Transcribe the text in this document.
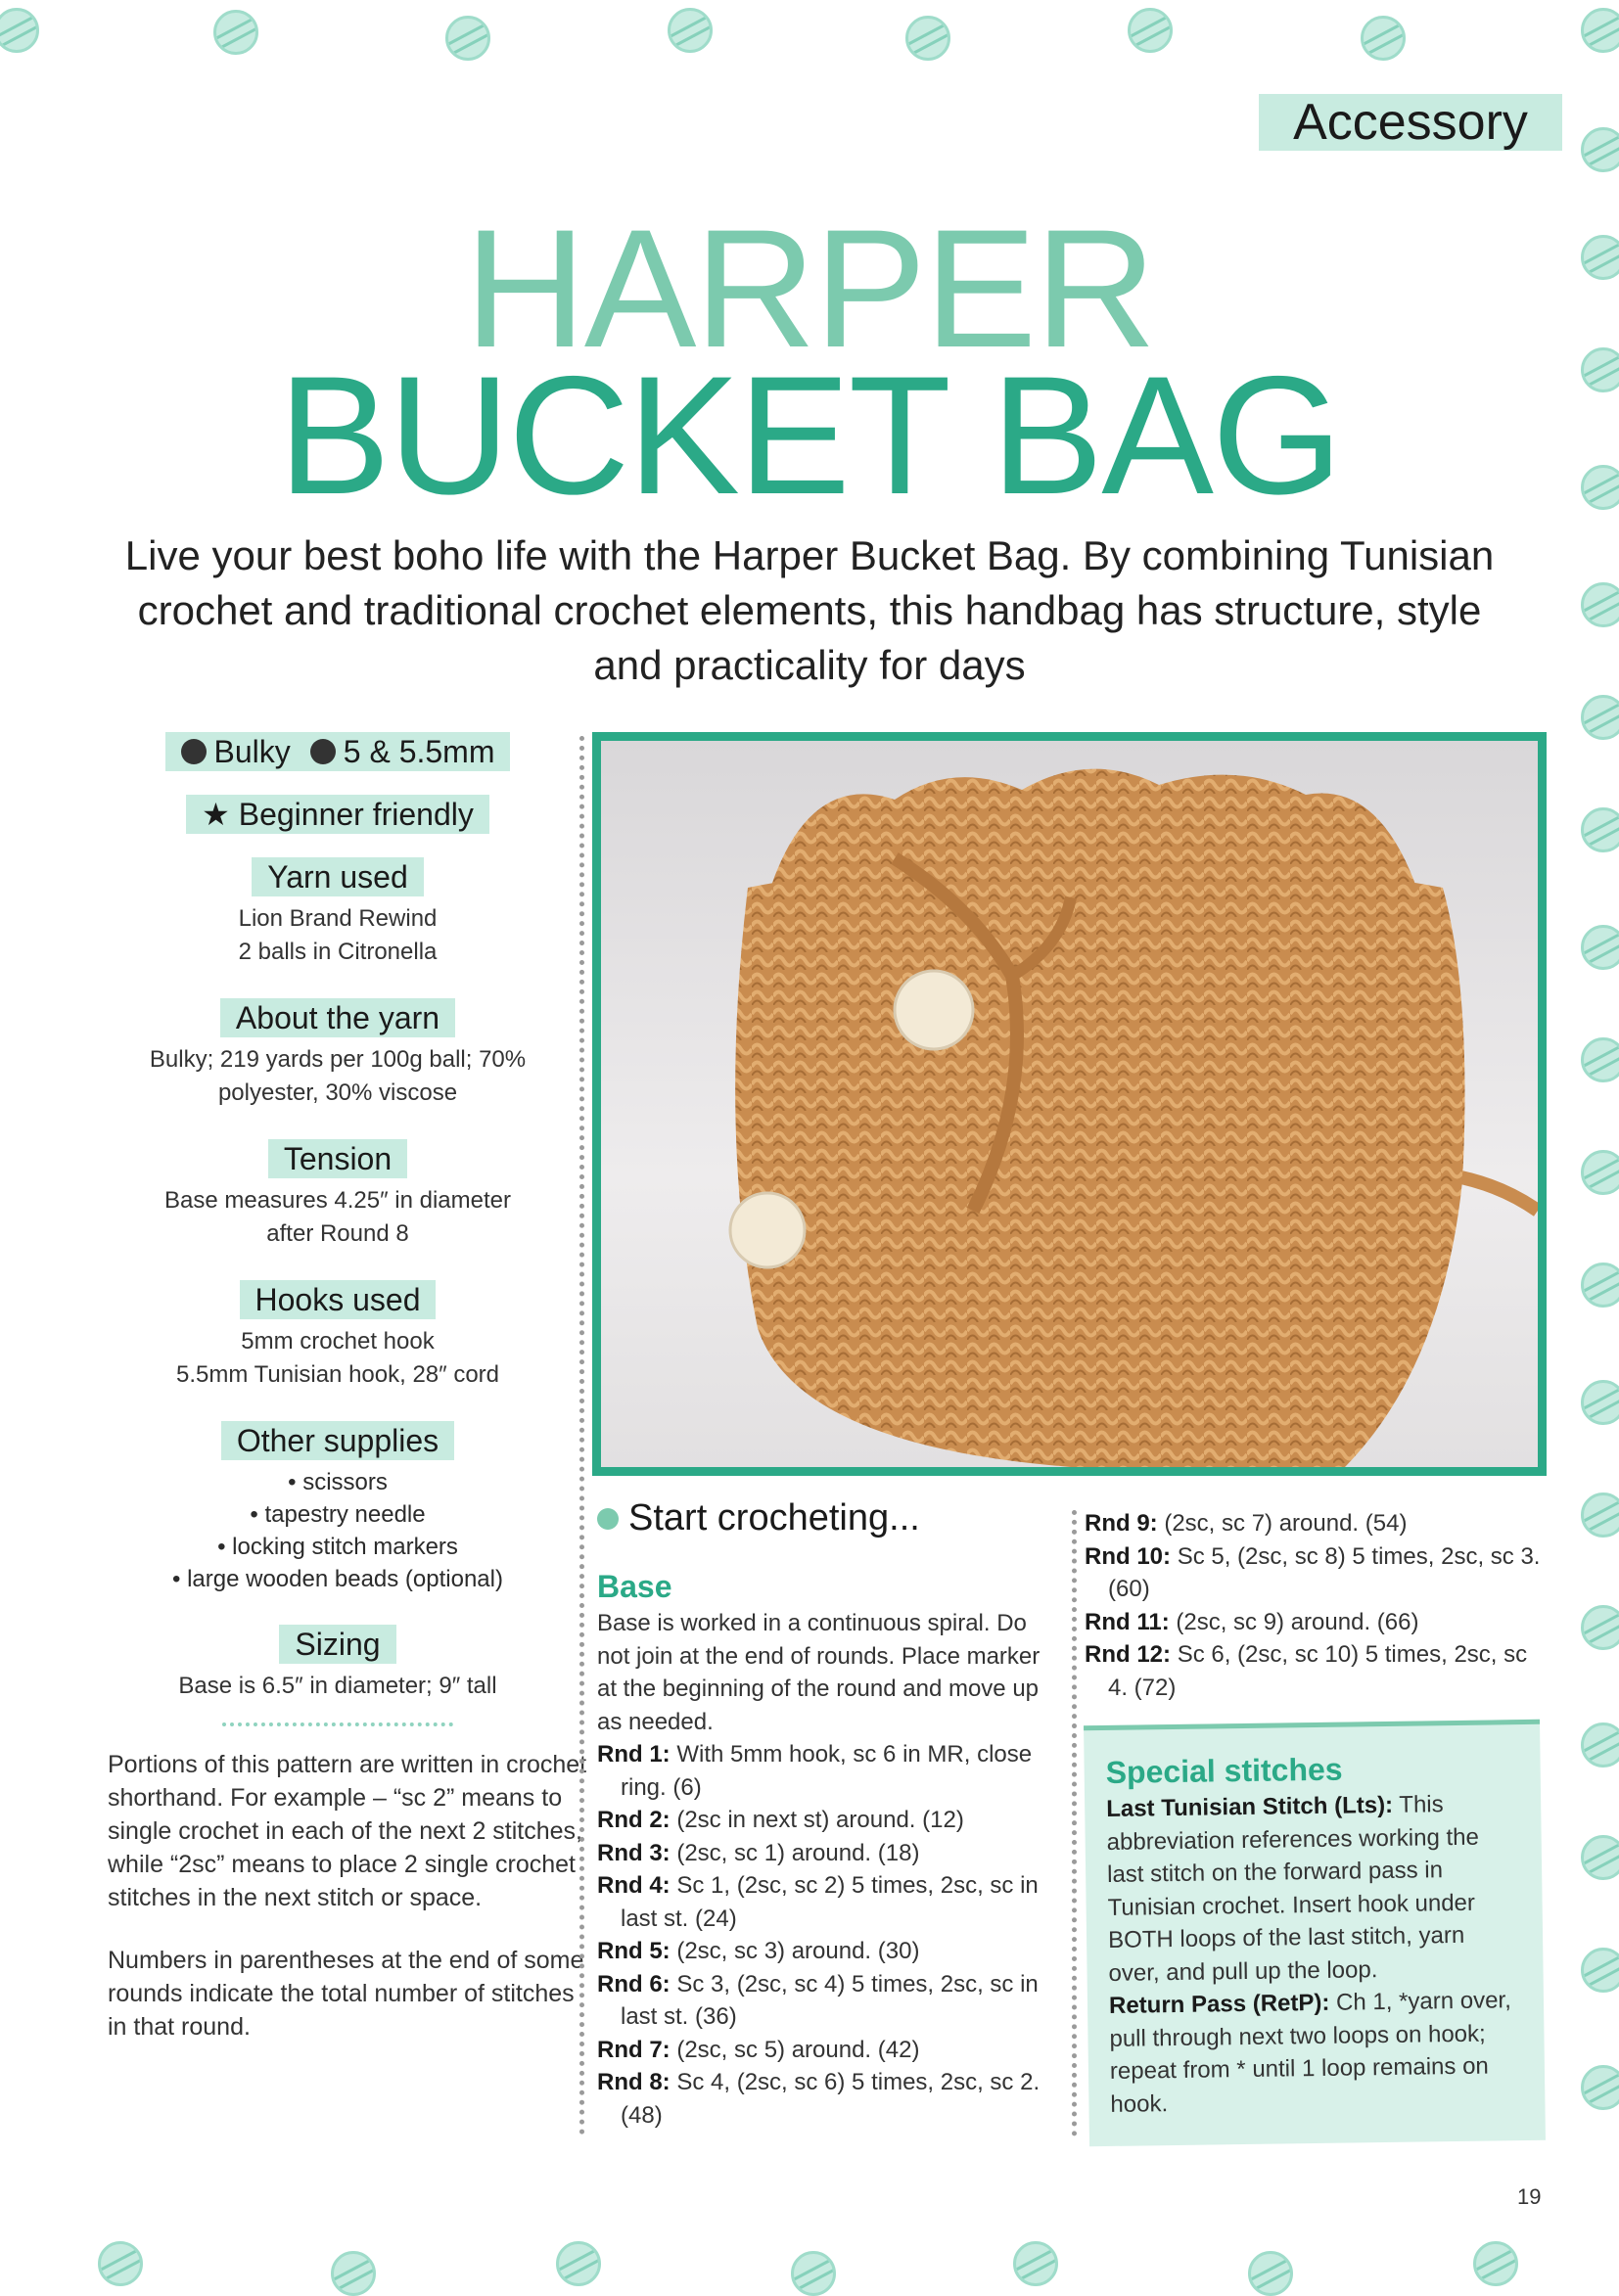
Accessory
HARPER
BUCKET BAG
Live your best boho life with the Harper Bucket Bag. By combining Tunisian crochet and traditional crochet elements, this handbag has structure, style and practicality for days
Bulky 5 & 5.5mm
★ Beginner friendly
Yarn used
Lion Brand Rewind
2 balls in Citronella
About the yarn
Bulky; 219 yards per 100g ball; 70%
polyester, 30% viscose
Tension
Base measures 4.25″ in diameter
after Round 8
Hooks used
5mm crochet hook
5.5mm Tunisian hook, 28″ cord
Other supplies
• scissors
• tapestry needle
• locking stitch markers
• large wooden beads (optional)
Sizing
Base is 6.5″ in diameter; 9″ tall

Portions of this pattern are written in crochet shorthand. For example – “sc 2” means to single crochet in each of the next 2 stitches, while “2sc” means to place 2 single crochet stitches in the next stitch or space.

Numbers in parentheses at the end of some rounds indicate the total number of stitches in that round.

Start crocheting...
Base
Base is worked in a continuous spiral. Do not join at the end of rounds. Place marker at the beginning of the round and move up as needed.
Rnd 1: With 5mm hook, sc 6 in MR, close ring. (6)
Rnd 2: (2sc in next st) around. (12)
Rnd 3: (2sc, sc 1) around. (18)
Rnd 4: Sc 1, (2sc, sc 2) 5 times, 2sc, sc in last st. (24)
Rnd 5: (2sc, sc 3) around. (30)
Rnd 6: Sc 3, (2sc, sc 4) 5 times, 2sc, sc in last st. (36)
Rnd 7: (2sc, sc 5) around. (42)
Rnd 8: Sc 4, (2sc, sc 6) 5 times, 2sc, sc 2. (48)
Rnd 9: (2sc, sc 7) around. (54)
Rnd 10: Sc 5, (2sc, sc 8) 5 times, 2sc, sc 3. (60)
Rnd 11: (2sc, sc 9) around. (66)
Rnd 12: Sc 6, (2sc, sc 10) 5 times, 2sc, sc 4. (72)
Special stitches
Last Tunisian Stitch (Lts): This abbreviation references working the last stitch on the forward pass in Tunisian crochet. Insert hook under BOTH loops of the last stitch, yarn over, and pull up the loop.
Return Pass (RetP): Ch 1, *yarn over, pull through next two loops on hook; repeat from * until 1 loop remains on hook.
19
